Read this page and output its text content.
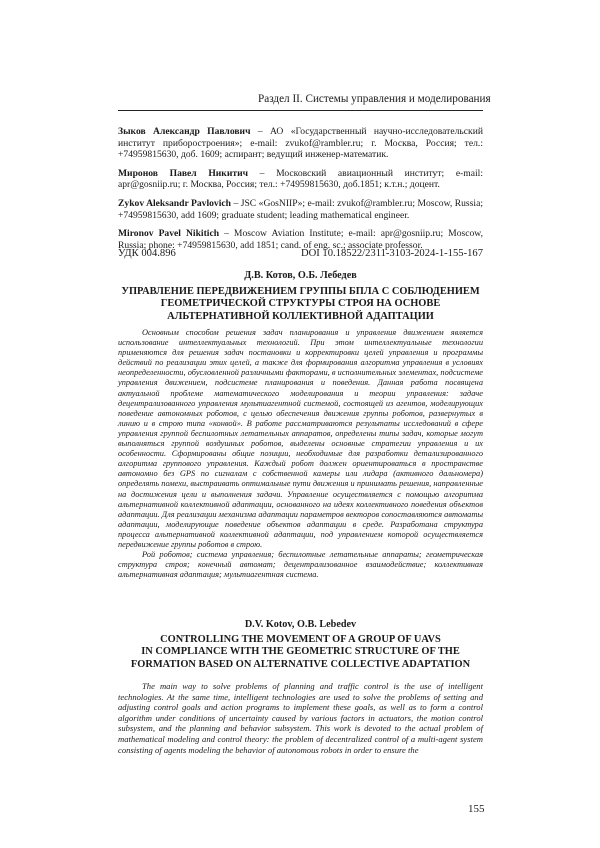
Раздел II. Системы управления и моделирования
Зыков Александр Павлович – АО «Государственный научно-исследовательский институт приборостроения»; e-mail: zvukof@rambler.ru; г. Москва, Россия; тел.: +74959815630, доб. 1609; аспирант; ведущий инженер-математик.
Миронов Павел Никитич – Московский авиационный институт; e-mail: apr@gosniip.ru; г. Москва, Россия; тел.: +74959815630, доб.1851; к.т.н.; доцент.
Zykov Aleksandr Pavlovich – JSC «GosNIIP»; e-mail: zvukof@rambler.ru; Moscow, Russia; +74959815630, add 1609; graduate student; leading mathematical engineer.
Mironov Pavel Nikitich – Moscow Aviation Institute; e-mail: apr@gosniip.ru; Moscow, Russia; phone: +74959815630, add 1851; cand. of eng. sc.; associate professor.
УДК 004.896	DOI 10.18522/2311-3103-2024-1-155-167
Д.В. Котов, О.Б. Лебедев
УПРАВЛЕНИЕ ПЕРЕДВИЖЕНИЕМ ГРУППЫ БПЛА С СОБЛЮДЕНИЕМ
ГЕОМЕТРИЧЕСКОЙ СТРУКТУРЫ СТРОЯ НА ОСНОВЕ
АЛЬТЕРНАТИВНОЙ КОЛЛЕКТИВНОЙ АДАПТАЦИИ

Основным способом решения задач планирования и управления движением является использование интеллектуальных технологий. При этом интеллектуальные технологии применяются для решения задач постановки и корректировки целей управления и программы действий по реализации этих целей, а также для формирования алгоритма управления в условиях неопределенности, обусловленной различными факторами, в исполнительных элементах, подсистеме управления движением, подсистеме планирования и поведения. Данная работа посвящена актуальной проблеме математического моделирования и теории управления: задаче децентрализованного управления мультиагентной системой, состоящей из агентов, моделирующих поведение автономных роботов, с целью обеспечения движения группы роботов, развернутых в линию и в строю типа «конвой». В работе рассматриваются результаты исследований в сфере управления группой беспилотных летательных аппаратов, определены типы задач, которые могут выполняться группой воздушных роботов, выделены основные стратегии управления и их особенности. Сформированы общие позиции, необходимые для разработки детализированного алгоритма группового управления. Каждый робот должен ориентироваться в пространстве автономно без GPS по сигналам с собственной камеры или лидара (активного дальномера) определять помехи, выстраивать оптимальные пути движения и принимать решения, направленные на достижения цели и выполнения задачи. Управление осуществляется с помощью алгоритма альтернативной коллективной адаптации, основанного на идеях коллективного поведения объектов адаптации. Для реализации механизма адаптации параметров векторов сопоставляются автоматы адаптации, моделирующие поведение объектов адаптации в среде. Разработана структура процесса альтернативной коллективной адаптации, под управлением которой осуществляется передвижение группы роботов в строю.

Рой роботов; система управления; беспилотные летательные аппараты; геометрическая структура строя; конечный автомат; децентрализованное взаимодействие; коллективная альтернативная адаптация; мультиагентная система.

D.V. Kotov, O.B. Lebedev
CONTROLLING THE MOVEMENT OF A GROUP OF UAVS
IN COMPLIANCE WITH THE GEOMETRIC STRUCTURE OF THE
FORMATION BASED ON ALTERNATIVE COLLECTIVE ADAPTATION

The main way to solve problems of planning and traffic control is the use of intelligent technologies. At the same time, intelligent technologies are used to solve the problems of setting and adjusting control goals and action programs to implement these goals, as well as to form a control algorithm under conditions of uncertainty caused by various factors in actuators, the motion control subsystem, and the planning and behavior subsystem. This work is devoted to the actual problem of mathematical modeling and control theory: the problem of decentralized control of a multi-agent system consisting of agents modeling the behavior of autonomous robots in order to ensure the

155
